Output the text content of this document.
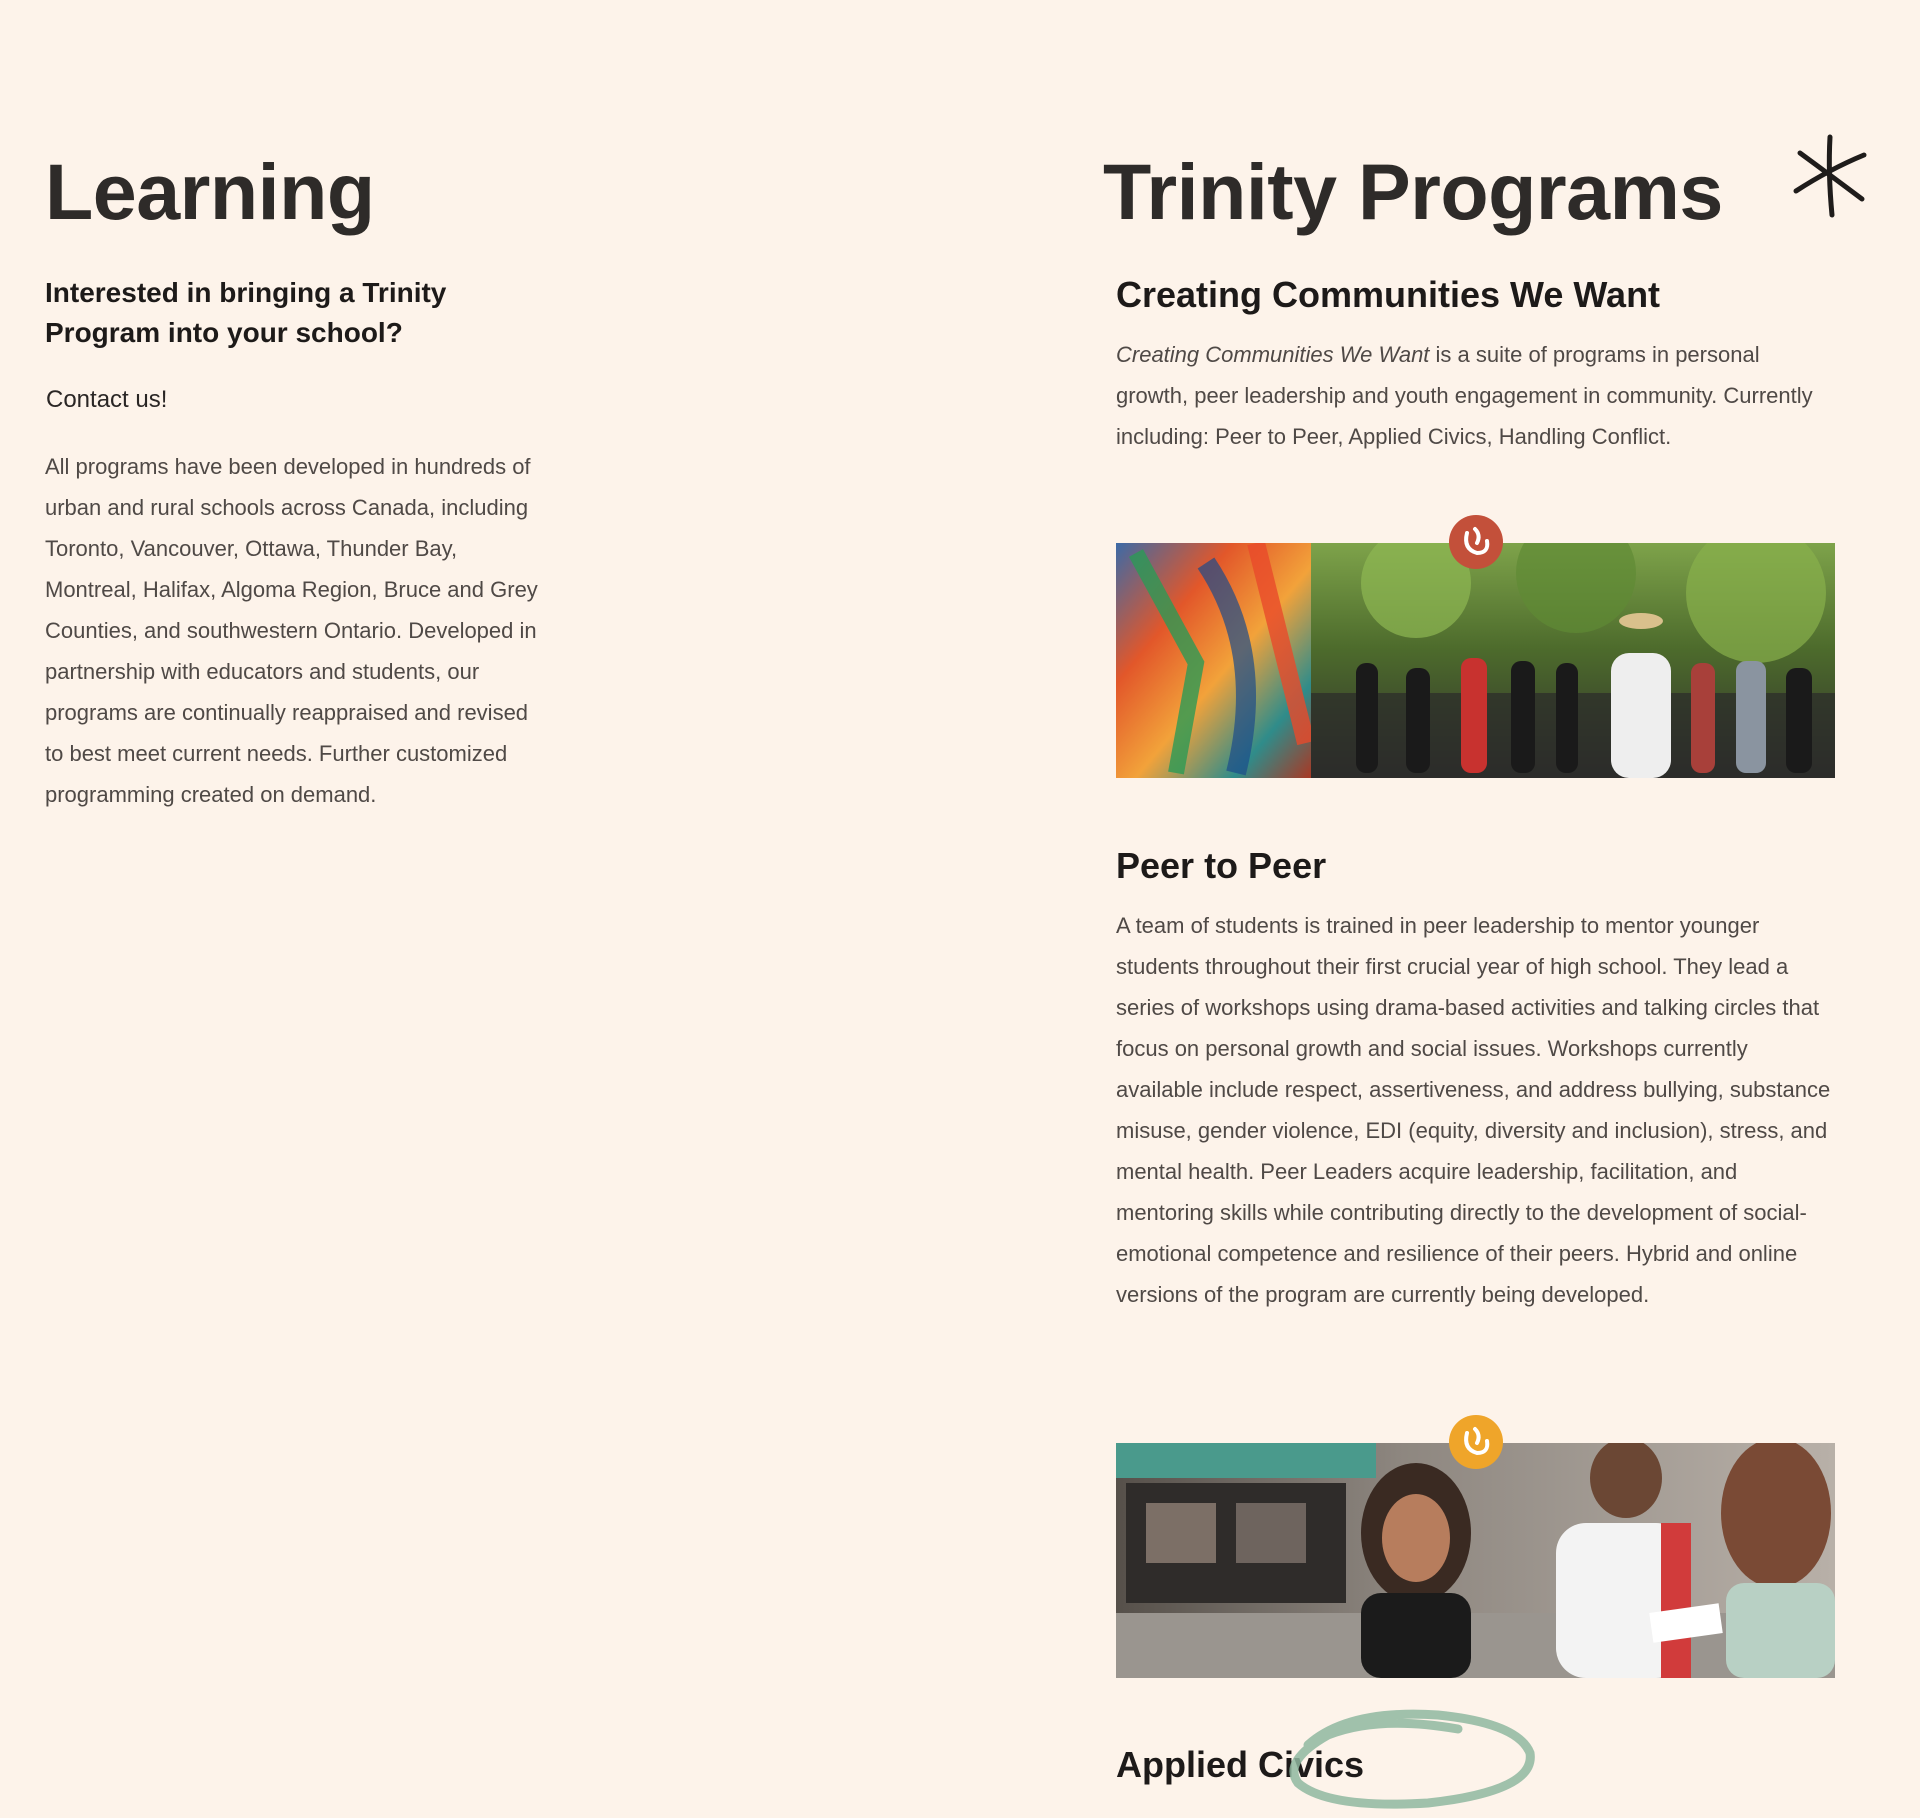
Learning

Interested in bringing a Trinity Program into your school?

Contact us!

All programs have been developed in hundreds of urban and rural schools across Canada, including Toronto, Vancouver, Ottawa, Thunder Bay, Montreal, Halifax, Algoma Region, Bruce and Grey Counties, and southwestern Ontario. Developed in partnership with educators and students, our programs are continually reappraised and revised to best meet current needs. Further customized programming created on demand.

Trinity Programs
Creating Communities We Want

Creating Communities We Want is a suite of programs in personal growth, peer leadership and youth engagement in community. Currently including: Peer to Peer, Applied Civics, Handling Conflict.

Peer to Peer

A team of students is trained in peer leadership to mentor younger students throughout their first crucial year of high school. They lead a series of workshops using drama-based activities and talking circles that focus on personal growth and social issues. Workshops currently available include respect, assertiveness, and address bullying, substance misuse, gender violence, EDI (equity, diversity and inclusion), stress, and mental health. Peer Leaders acquire leadership, facilitation, and mentoring skills while contributing directly to the development of social-emotional competence and resilience of their peers. Hybrid and online versions of the program are currently being developed.

Applied Civics
